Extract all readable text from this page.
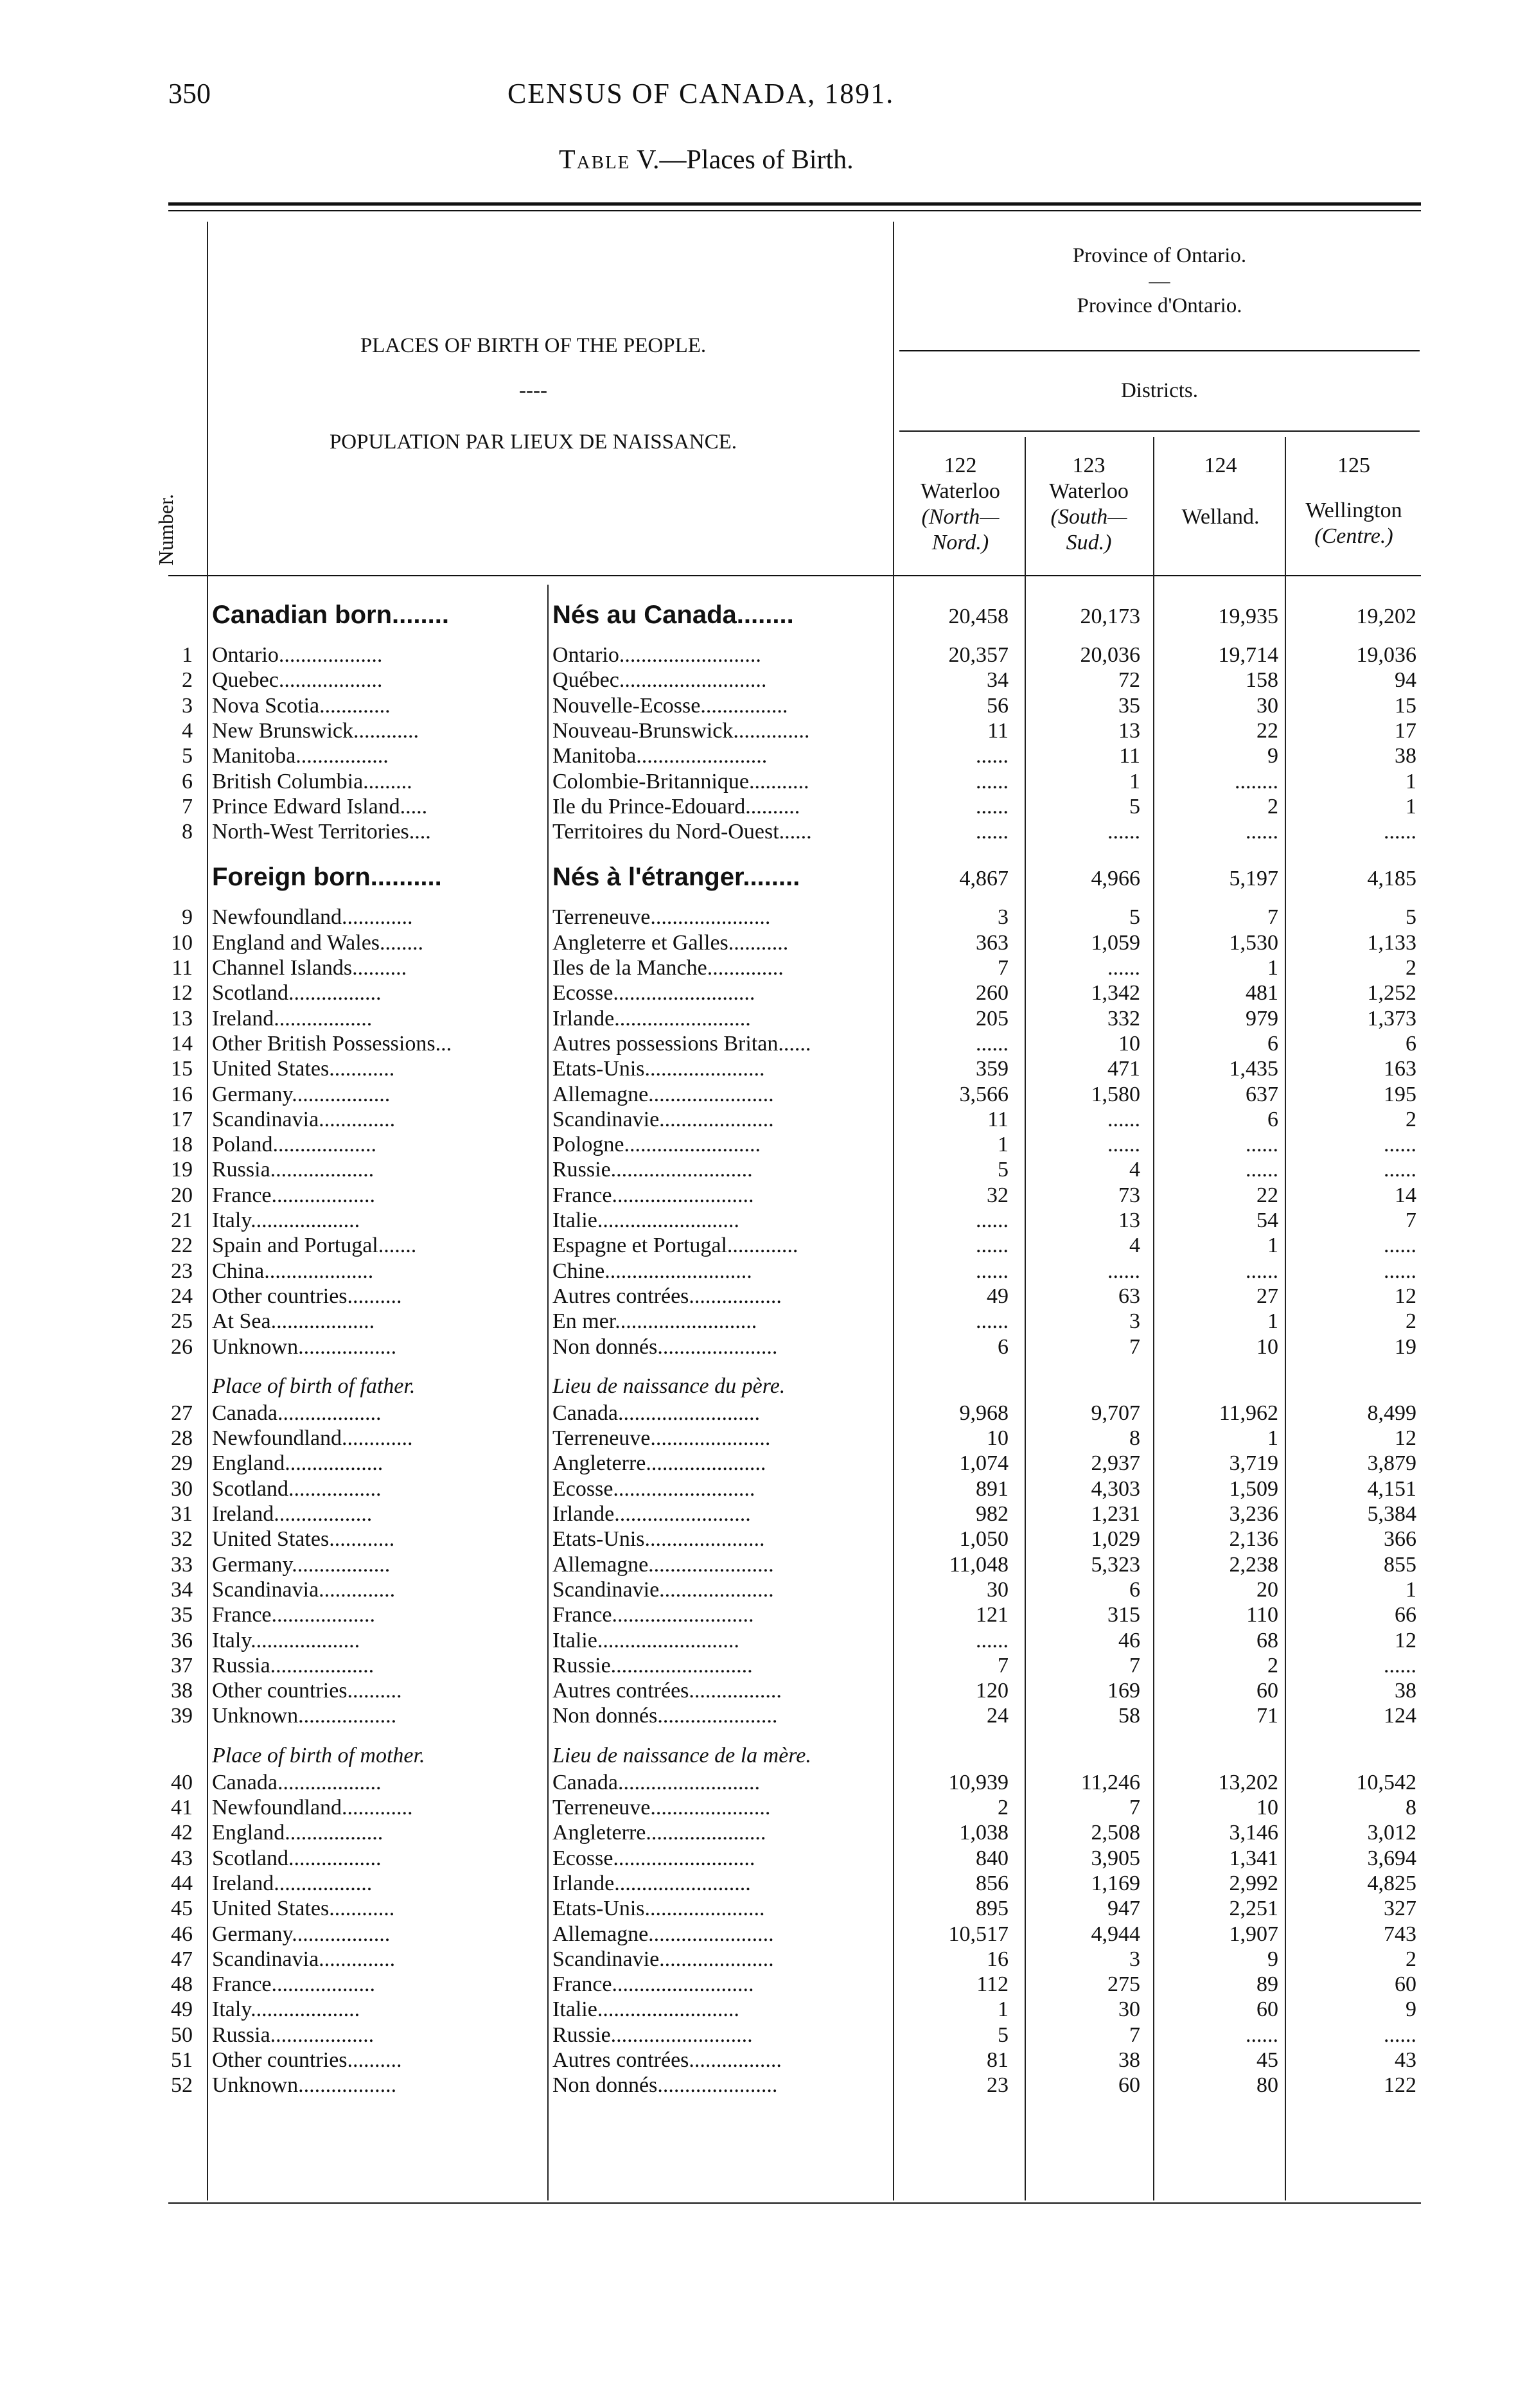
350	CENSUS OF CANADA, 1891.
Table V.—Places of Birth.
Number.
PLACES OF BIRTH OF THE PEOPLE.
----
POPULATION PAR LIEUX DE NAISSANCE.
Province of Ontario.
—
Province d'Ontario.
Districts.
122
Waterloo
(North—
Nord.)
123
Waterloo
(South—
Sud.)
124
Welland.
125
Wellington
(Centre.)
Canadian born........	Nés au Canada........	20,458	20,173	19,935	19,202
1 Ontario...................	Ontario..........................	20,357	20,036	19,714	19,036
2 Quebec...................	Québec...........................	34	72	158	94
3 Nova Scotia.............	Nouvelle-Ecosse................	56	35	30	15
4 New Brunswick............	Nouveau-Brunswick..............	11	13	22	17
5 Manitoba.................	Manitoba........................	......	11	9	38
6 British Columbia.........	Colombie-Britannique...........	......	1	........	1
7 Prince Edward Island.....	Ile du Prince-Edouard..........	......	5	2	1
8 North-West Territories....	Territoires du Nord-Ouest......	......	......	......	......
Foreign born..........	Nés à l'étranger........	4,867	4,966	5,197	4,185
9 Newfoundland.............	Terreneuve......................	3	5	7	5
10 England and Wales........	Angleterre et Galles...........	363	1,059	1,530	1,133
11 Channel Islands..........	Iles de la Manche..............	7	......	1	2
12 Scotland.................	Ecosse..........................	260	1,342	481	1,252
13 Ireland..................	Irlande.........................	205	332	979	1,373
14 Other British Possessions...	Autres possessions Britan......	......	10	6	6
15 United States............	Etats-Unis......................	359	471	1,435	163
16 Germany..................	Allemagne.......................	3,566	1,580	637	195
17 Scandinavia..............	Scandinavie.....................	11	......	6	2
18 Poland...................	Pologne.........................	1	......	......	......
19 Russia...................	Russie..........................	5	4	......	......
20 France...................	France..........................	32	73	22	14
21 Italy....................	Italie..........................	......	13	54	7
22 Spain and Portugal.......	Espagne et Portugal.............	......	4	1	......
23 China....................	Chine...........................	......	......	......	......
24 Other countries..........	Autres contrées.................	49	63	27	12
25 At Sea...................	En mer..........................	......	3	1	2
26 Unknown..................	Non donnés......................	6	7	10	19
Place of birth of father.	Lieu de naissance du père.
27 Canada...................	Canada..........................	9,968	9,707	11,962	8,499
28 Newfoundland.............	Terreneuve......................	10	8	1	12
29 England..................	Angleterre......................	1,074	2,937	3,719	3,879
30 Scotland.................	Ecosse..........................	891	4,303	1,509	4,151
31 Ireland..................	Irlande.........................	982	1,231	3,236	5,384
32 United States............	Etats-Unis......................	1,050	1,029	2,136	366
33 Germany..................	Allemagne.......................	11,048	5,323	2,238	855
34 Scandinavia..............	Scandinavie.....................	30	6	20	1
35 France...................	France..........................	121	315	110	66
36 Italy....................	Italie..........................	......	46	68	12
37 Russia...................	Russie..........................	7	7	2	......
38 Other countries..........	Autres contrées.................	120	169	60	38
39 Unknown..................	Non donnés......................	24	58	71	124
Place of birth of mother.	Lieu de naissance de la mère.
40 Canada...................	Canada..........................	10,939	11,246	13,202	10,542
41 Newfoundland.............	Terreneuve......................	2	7	10	8
42 England..................	Angleterre......................	1,038	2,508	3,146	3,012
43 Scotland.................	Ecosse..........................	840	3,905	1,341	3,694
44 Ireland..................	Irlande.........................	856	1,169	2,992	4,825
45 United States............	Etats-Unis......................	895	947	2,251	327
46 Germany..................	Allemagne.......................	10,517	4,944	1,907	743
47 Scandinavia..............	Scandinavie.....................	16	3	9	2
48 France...................	France..........................	112	275	89	60
49 Italy....................	Italie..........................	1	30	60	9
50 Russia...................	Russie..........................	5	7	......	......
51 Other countries..........	Autres contrées.................	81	38	45	43
52 Unknown..................	Non donnés......................	23	60	80	122
